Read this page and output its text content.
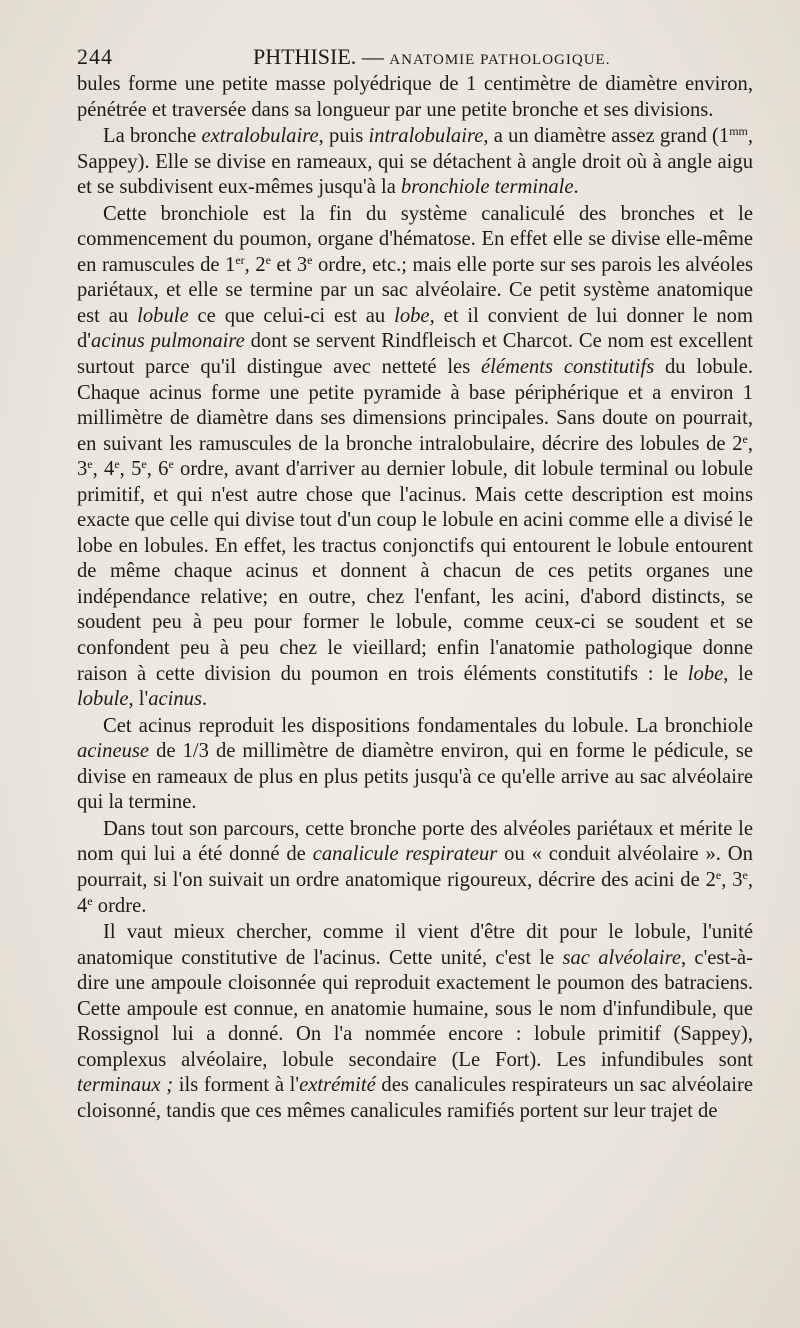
244	PHTHISIE. — ANATOMIE PATHOLOGIQUE.

bules forme une petite masse polyédrique de 1 centimètre de diamètre environ, pénétrée et traversée dans sa longueur par une petite bronche et ses divisions.

La bronche extralobulaire, puis intralobulaire, a un diamètre assez grand ($1^{mm}$, Sappey). Elle se divise en rameaux, qui se détachent à angle droit où à angle aigu et se subdivisent eux-mêmes jusqu'à la bronchiole terminale.

Cette bronchiole est la fin du système canaliculé des bronches et le commencement du poumon, organe d'hématose. En effet elle se divise elle-même en ramuscules de 1er, 2e et 3e ordre, etc.; mais elle porte sur ses parois les alvéoles pariétaux, et elle se termine par un sac alvéolaire. Ce petit système anatomique est au lobule ce que celui-ci est au lobe, et il convient de lui donner le nom d'acinus pulmonaire dont se servent Rindfleisch et Charcot. Ce nom est excellent surtout parce qu'il distingue avec netteté les éléments constitutifs du lobule. Chaque acinus forme une petite pyramide à base périphérique et a environ 1 millimètre de diamètre dans ses dimensions principales. Sans doute on pourrait, en suivant les ramuscules de la bronche intralobulaire, décrire des lobules de 2e, 3e, 4e, 5e, 6e ordre, avant d'arriver au dernier lobule, dit lobule terminal ou lobule primitif, et qui n'est autre chose que l'acinus. Mais cette description est moins exacte que celle qui divise tout d'un coup le lobule en acini comme elle a divisé le lobe en lobules. En effet, les tractus conjonctifs qui entourent le lobule entourent de même chaque acinus et donnent à chacun de ces petits organes une indépendance relative; en outre, chez l'enfant, les acini, d'abord distincts, se soudent peu à peu pour former le lobule, comme ceux-ci se soudent et se confondent peu à peu chez le vieillard; enfin l'anatomie pathologique donne raison à cette division du poumon en trois éléments constitutifs : le lobe, le lobule, l'acinus.

Cet acinus reproduit les dispositions fondamentales du lobule. La bronchiole acineuse de 1/3 de millimètre de diamètre environ, qui en forme le pédicule, se divise en rameaux de plus en plus petits jusqu'à ce qu'elle arrive au sac alvéolaire qui la termine.

Dans tout son parcours, cette bronche porte des alvéoles pariétaux et mérite le nom qui lui a été donné de canalicule respirateur ou « conduit alvéolaire ». On pourrait, si l'on suivait un ordre anatomique rigoureux, décrire des acini de 2e, 3e, 4e ordre.

Il vaut mieux chercher, comme il vient d'être dit pour le lobule, l'unité anatomique constitutive de l'acinus. Cette unité, c'est le sac alvéolaire, c'est-à-dire une ampoule cloisonnée qui reproduit exactement le poumon des batraciens. Cette ampoule est connue, en anatomie humaine, sous le nom d'infundibule, que Rossignol lui a donné. On l'a nommée encore : lobule primitif (Sappey), complexus alvéolaire, lobule secondaire (Le Fort). Les infundibules sont terminaux ; ils forment à l'extrémité des canalicules respirateurs un sac alvéolaire cloisonné, tandis que ces mêmes canalicules ramifiés portent sur leur trajet de
